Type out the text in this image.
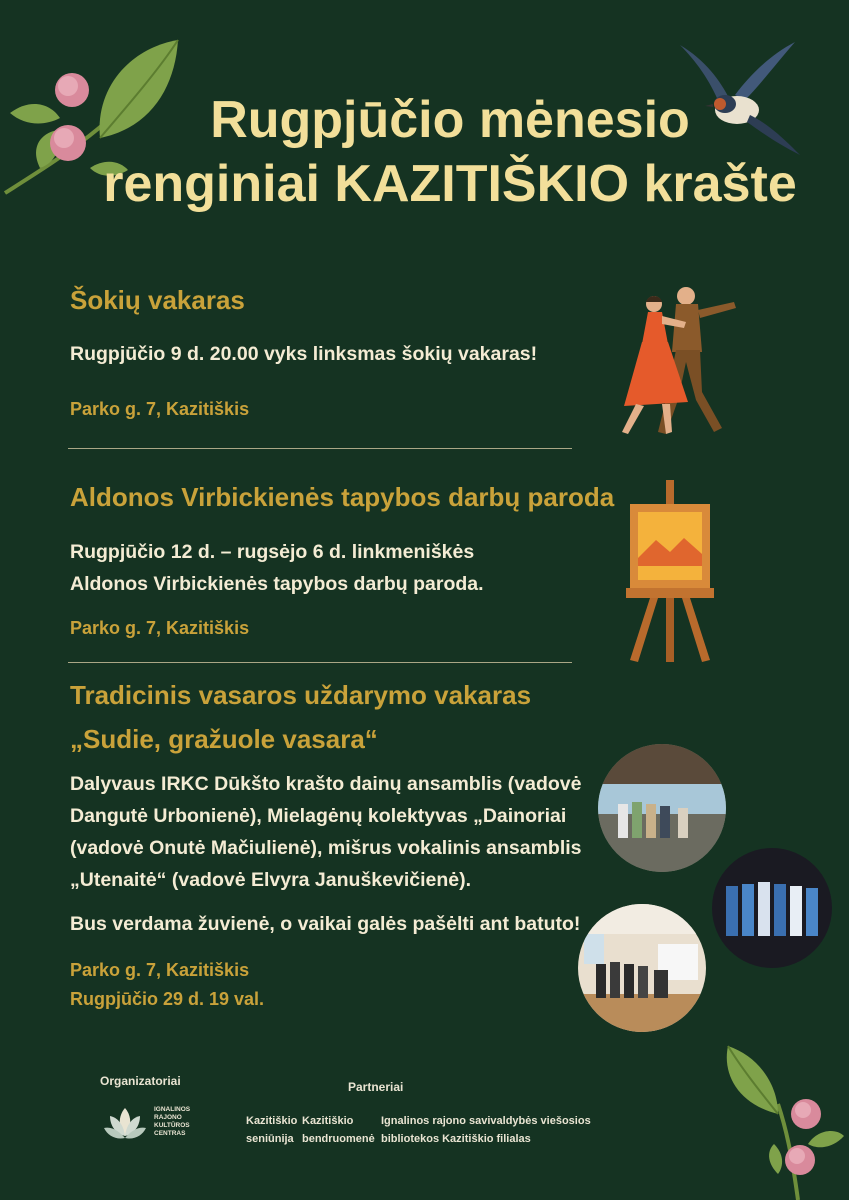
Rugpjūčio mėnesio
renginiai KAZITIŠKIO krašte
Šokių vakaras
Rugpjūčio 9 d. 20.00 vyks linksmas šokių vakaras!
Parko g. 7, Kazitiškis
Aldonos Virbickienės tapybos darbų paroda
Rugpjūčio 12 d. – rugsėjo 6 d. linkmeniškės
Aldonos Virbickienės tapybos darbų paroda.
Parko g. 7, Kazitiškis
Tradicinis vasaros uždarymo vakaras
„Sudie, gražuole vasara“
Dalyvaus IRKC Dūkšto krašto dainų ansamblis (vadovė
Dangutė Urbonienė), Mielagėnų kolektyvas „Dainoriai
(vadovė Onutė Mačiulienė), mišrus vokalinis ansamblis
„Utenaitė“ (vadovė Elvyra Januškevičienė).
Bus verdama žuvienė, o vaikai galės pašėlti ant batuto!
Parko g. 7, Kazitiškis
Rugpjūčio 29 d. 19 val.
Organizatoriai
IGNALINOS
RAJONO
KULTŪROS
CENTRAS
Partneriai
Kazitiškio
seniūnija
Kazitiškio
bendruomenė
Ignalinos rajono savivaldybės viešosios
bibliotekos Kazitiškio filialas
